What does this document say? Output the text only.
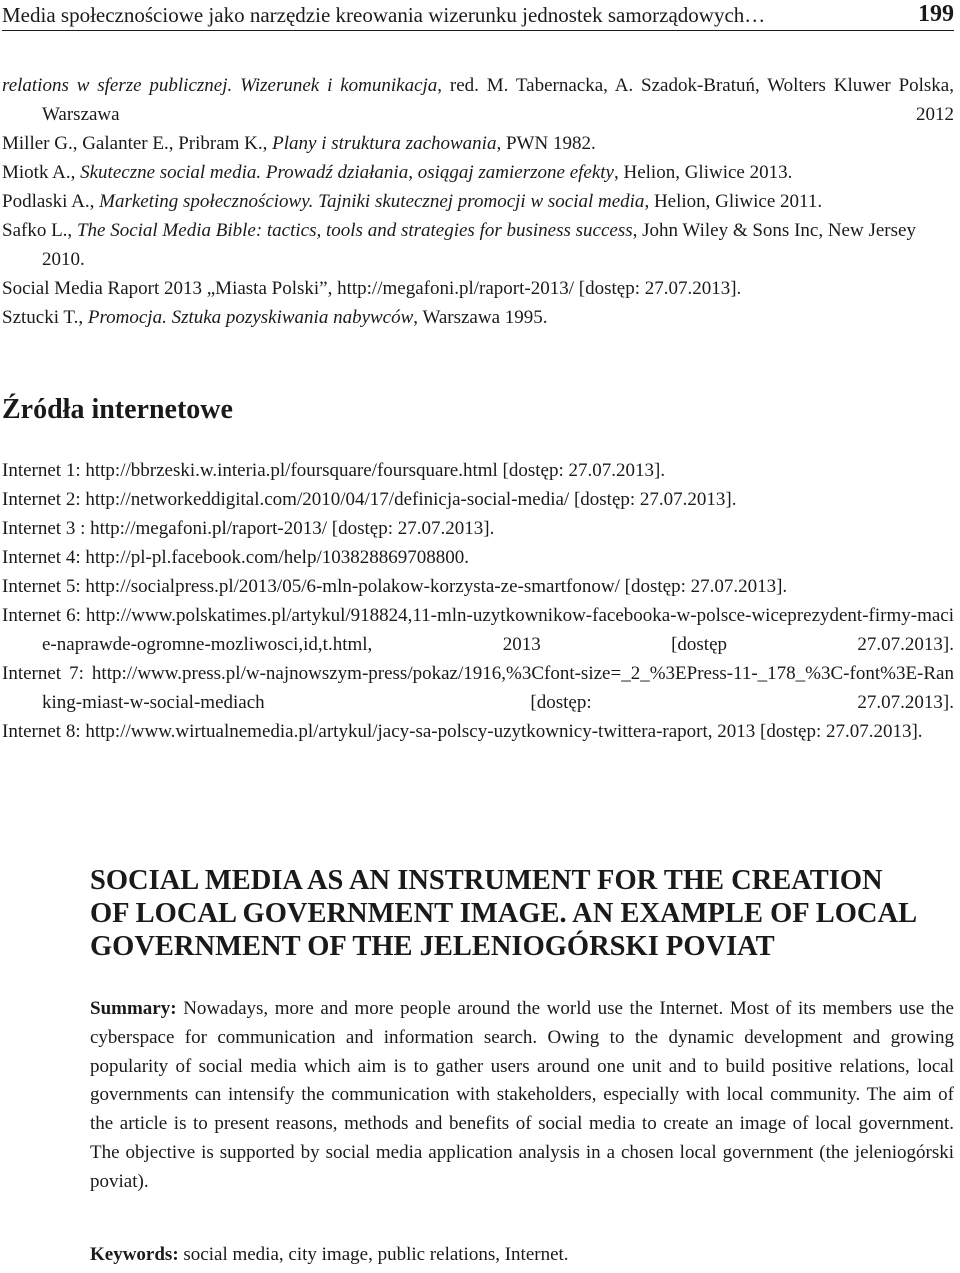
Media społecznościowe jako narzędzie kreowania wizerunku jednostek samorządowych…	199

relations w sferze publicznej. Wizerunek i komunikacja, red. M. Tabernacka, A. Szadok-Bratuń, Wolters Kluwer Polska, Warszawa 2012

Miller G., Galanter E., Pribram K., Plany i struktura zachowania, PWN 1982.

Miotk A., Skuteczne social media. Prowadź działania, osiągaj zamierzone efekty, Helion, Gliwice 2013.

Podlaski A., Marketing społecznościowy. Tajniki skutecznej promocji w social media, Helion, Gliwice 2011.

Safko L., The Social Media Bible: tactics, tools and strategies for business success, John Wiley & Sons Inc, New Jersey 2010.

Social Media Raport 2013 „Miasta Polski”, http://megafoni.pl/raport-2013/ [dostęp: 27.07.2013].

Sztucki T., Promocja. Sztuka pozyskiwania nabywców, Warszawa 1995.

Źródła internetowe

Internet 1: http://bbrzeski.w.interia.pl/foursquare/foursquare.html [dostęp: 27.07.2013].

Internet 2: http://networkeddigital.com/2010/04/17/definicja-social-media/ [dostęp: 27.07.2013].

Internet 3 : http://megafoni.pl/raport-2013/ [dostęp: 27.07.2013].

Internet 4: http://pl-pl.facebook.com/help/103828869708800.

Internet 5: http://socialpress.pl/2013/05/6-mln-polakow-korzysta-ze-smartfonow/ [dostęp: 27.07.2013].

Internet 6: http://www.polskatimes.pl/artykul/918824,11-mln-uzytkownikow-facebooka-w-polsce-wiceprezydent-firmy-macie-naprawde-ogromne-mozliwosci,id,t.html, 2013 [dostęp 27.07.2013].

Internet 7: http://www.press.pl/w-najnowszym-press/pokaz/1916,%3Cfont-size=_2_%3EPress-11-_178_%3C-font%3E-Ranking-miast-w-social-mediach [dostęp: 27.07.2013].

Internet 8: http://www.wirtualnemedia.pl/artykul/jacy-sa-polscy-uzytkownicy-twittera-raport, 2013 [dostęp: 27.07.2013].

SOCIAL MEDIA AS AN INSTRUMENT FOR THE CREATION
OF LOCAL GOVERNMENT IMAGE. AN EXAMPLE OF LOCAL
GOVERNMENT OF THE JELENIOGÓRSKI POVIAT

Summary: Nowadays, more and more people around the world use the Internet. Most of its members use the cyberspace for communication and information search. Owing to the dynamic development and growing popularity of social media which aim is to gather users around one unit and to build positive relations, local governments can intensify the communication with stakeholders, especially with local community. The aim of the article is to present reasons, methods and benefits of social media to create an image of local government. The objective is supported by social media application analysis in a chosen local government (the jeleniogórski poviat).

Keywords: social media, city image, public relations, Internet.
